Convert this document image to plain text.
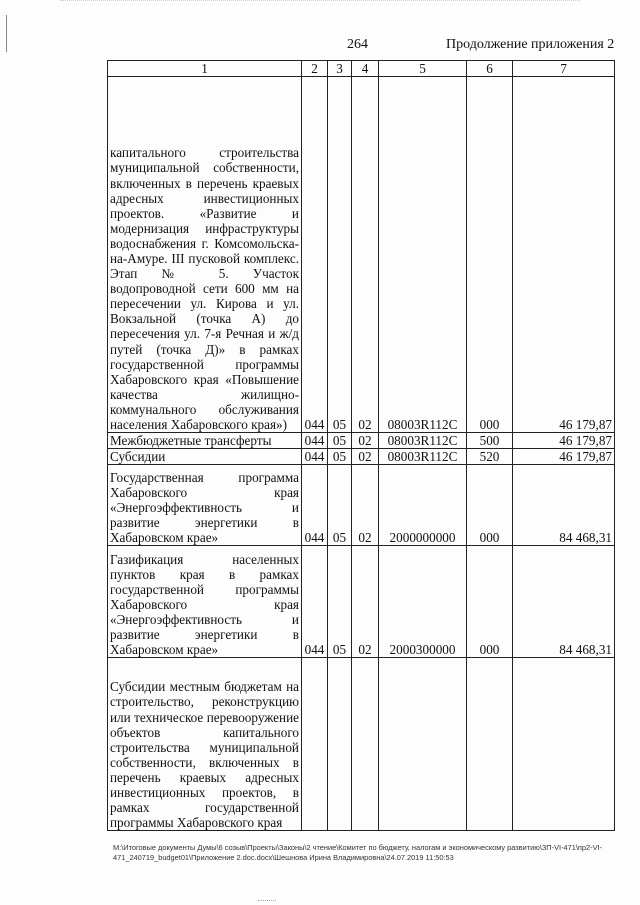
264	Продолжение приложения 2
1	2	3	4	5	6	7
капитального строительства муниципальной собственности, включенных в перечень краевых адресных инвестиционных проектов. «Развитие и модернизация инфраструктуры водоснабжения г. Комсомольска-на-Амуре. III пусковой комплекс. Этап № 5. Участок водопроводной сети 600 мм на пересечении ул. Кирова и ул. Вокзальной (точка А) до пересечения ул. 7-я Речная и ж/д путей (точка Д)» в рамках государственной программы Хабаровского края «Повышение качества жилищно-коммунального обслуживания населения Хабаровского края»)	044	05	02	08003R112C	000	46 179,87
Межбюджетные трансферты	044	05	02	08003R112C	500	46 179,87
Субсидии	044	05	02	08003R112C	520	46 179,87
Государственная программа Хабаровского края «Энергоэффективность и развитие энергетики в Хабаровском крае»	044	05	02	2000000000	000	84 468,31
Газификация населенных пунктов края в рамках государственной программы Хабаровского края «Энергоэффективность и развитие энергетики в Хабаровском крае»	044	05	02	2000300000	000	84 468,31
Субсидии местным бюджетам на строительство, реконструкцию или техническое перевооружение объектов капитального строительства муниципальной собственности, включенных в перечень краевых адресных инвестиционных проектов, в рамках государственной программы Хабаровского края						
М:\Итоговые документы Думы\6 созыв\Проекты\Законы\2 чтение\Комитет по бюджету, налогам и экономическому развитию\ЗП-VI-471\пр2-VI-471_240719_budget01\Приложение 2.doc.docx\Шешнова Ирина Владимировна\24.07.2019 11:50:53
